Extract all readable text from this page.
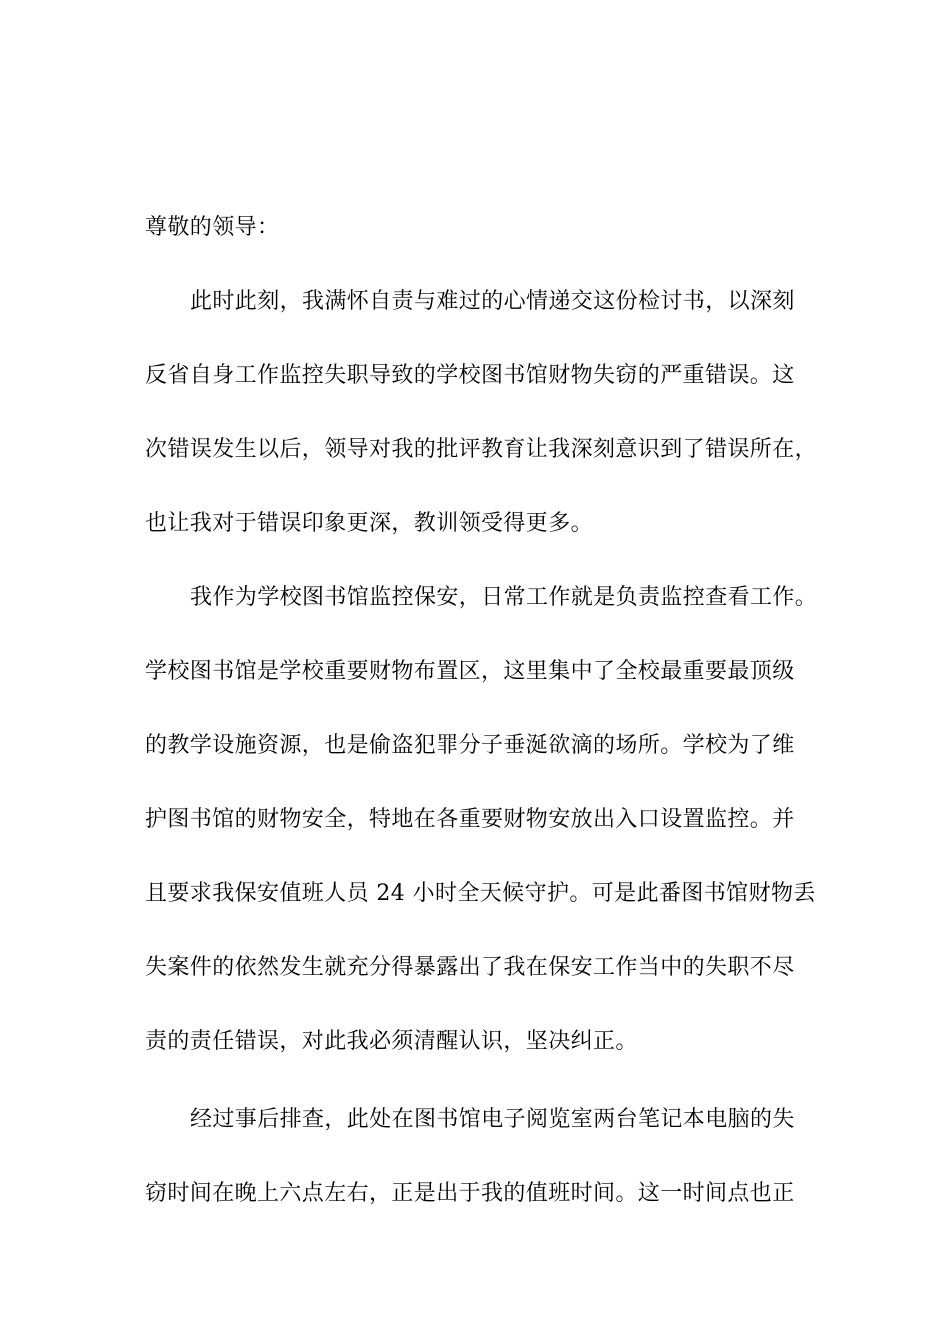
尊敬的领导：
此时此刻，我满怀自责与难过的心情递交这份检讨书，以深刻
反省自身工作监控失职导致的学校图书馆财物失窃的严重错误。这
次错误发生以后，领导对我的批评教育让我深刻意识到了错误所在，
也让我对于错误印象更深，教训领受得更多。
我作为学校图书馆监控保安，日常工作就是负责监控查看工作。
学校图书馆是学校重要财物布置区，这里集中了全校最重要最顶级
的教学设施资源，也是偷盗犯罪分子垂涎欲滴的场所。学校为了维
护图书馆的财物安全，特地在各重要财物安放出入口设置监控。并
且要求我保安值班人员 24 小时全天候守护。可是此番图书馆财物丢
失案件的依然发生就充分得暴露出了我在保安工作当中的失职不尽
责的责任错误，对此我必须清醒认识，坚决纠正。
经过事后排查，此处在图书馆电子阅览室两台笔记本电脑的失
窃时间在晚上六点左右，正是出于我的值班时间。这一时间点也正
